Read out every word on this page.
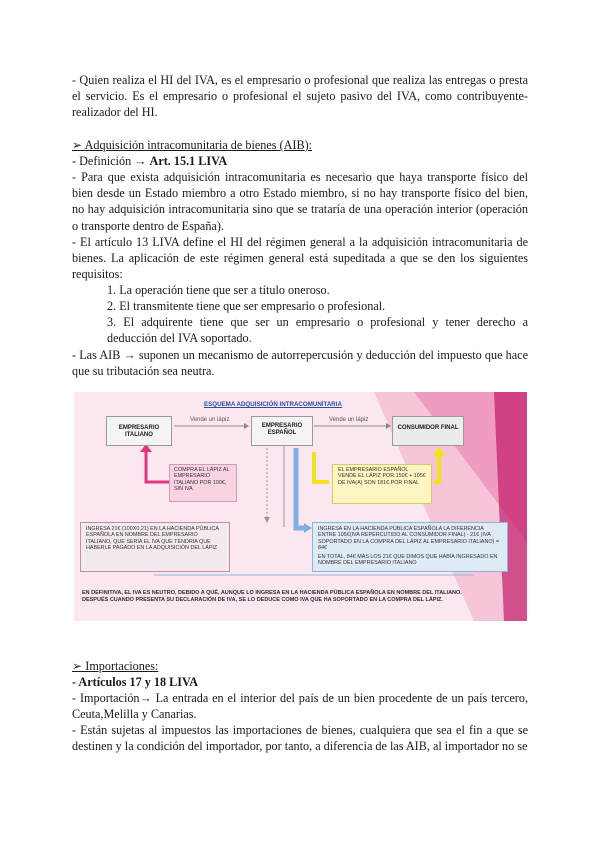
- Quien realiza el HI del IVA, es el empresario o profesional que realiza las entregas o presta el servicio. Es el empresario o profesional el sujeto pasivo del IVA, como contribuyente-realizador del HI.
➢ Adquisición intracomunitaria de bienes (AIB):
- Definición → Art. 15.1 LIVA
- Para que exista adquisición intracomunitaria es necesario que haya transporte físico del bien desde un Estado miembro a otro Estado miembro, si no hay transporte físico del bien, no hay adquisición intracomunitaria sino que se trataría de una operación interior (operación o transporte dentro de España).
- El artículo 13 LIVA define el HI del régimen general a la adquisición intracomunitaria de bienes. La aplicación de este régimen general está supeditada a que se den los siguientes requisitos:
1. La operación tiene que ser a título oneroso.
2. El transmitente tiene que ser empresario o profesional.
3. El adquirente tiene que ser un empresario o profesional y tener derecho a deducción del IVA soportado.
- Las AIB → suponen un mecanismo de autorrepercusión y deducción del impuesto que hace que su tributación sea neutra.
ESQUEMA ADQUISICIÓN INTRACOMUNITARIA
EMPRESARIO ITALIANO
EMPRESARIO ESPAÑOL
CONSUMIDOR FINAL
Vende un lápiz	Vende un lápiz
COMPRA EL LÁPIZ AL EMPRESARIO ITALIANO POR 100€, SIN IVA
EL EMPRESARIO ESPAÑOL VENDE EL LÁPIZ POR 150€ + 105€ DE IVA(A) SON 181€ POR FINAL
INGRESA 21€ (100X0,21) EN LA HACIENDA PÚBLICA ESPAÑOLA EN NOMBRE DEL EMPRESARIO ITALIANO, QUE SERÍA EL IVA QUE TENDRÍA QUE HABERLE PAGADO EN LA ADQUISICIÓN DEL LÁPIZ
INGRESA EN LA HACIENDA PÚBLICA ESPAÑOLA LA DIFERENCIA ENTRE 105€(IVA REPERCUTIDO AL CONSUMIDOR FINAL) - 21€ (IVA SOPORTADO EN LA COMPRA DEL LÁPIZ AL EMPRESARIO ITALIANO) = 84€
EN TOTAL, 84€ MÁS LOS 21€ QUE DIMOS QUE HABÍA INGRESADO EN NOMBRE DEL EMPRESARIO ITALIANO
EN DEFINITIVA, EL IVA ES NEUTRO, DEBIDO A QUÉ, AUNQUE LO INGRESA EN LA HACIENDA PÚBLICA ESPAÑOLA EN NOMBRE DEL ITALIANO. DESPUÉS CUANDO PRESENTA SU DECLARACIÓN DE IVA, SE LO DEDUCE COMO IVA QUE HA SOPORTADO EN LA COMPRA DEL LÁPIZ.
➢ Importaciones:
- Artículos 17 y 18 LIVA
- Importación→ La entrada en el interior del país de un bien procedente de un país tercero, Ceuta,Melilla y Canarias.
- Están sujetas al impuestos las importaciones de bienes, cualquiera que sea el fin a que se destinen y la condición del importador, por tanto, a diferencia de las AIB, al importador no se
